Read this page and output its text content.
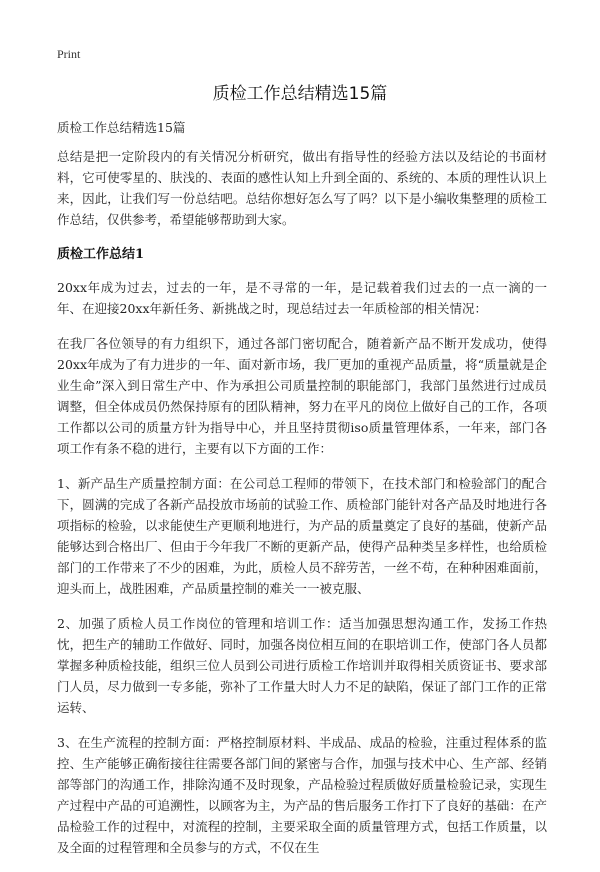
Print
质检工作总结精选15篇

质检工作总结精选15篇

总结是把一定阶段内的有关情况分析研究，做出有指导性的经验方法以及结论的书面材料，它可使零星的、肤浅的、表面的感性认知上升到全面的、系统的、本质的理性认识上来，因此，让我们写一份总结吧。总结你想好怎么写了吗？以下是小编收集整理的质检工作总结，仅供参考，希望能够帮助到大家。

质检工作总结1

20xx年成为过去，过去的一年，是不寻常的一年，是记载着我们过去的一点一滴的一年、在迎接20xx年新任务、新挑战之时，现总结过去一年质检部的相关情况：

在我厂各位领导的有力组织下，通过各部门密切配合，随着新产品不断开发成功，使得20xx年成为了有力进步的一年、面对新市场，我厂更加的重视产品质量，将“质量就是企业生命”深入到日常生产中、作为承担公司质量控制的职能部门，我部门虽然进行过成员调整，但全体成员仍然保持原有的团队精神，努力在平凡的岗位上做好自己的工作，各项工作都以公司的质量方针为指导中心，并且坚持贯彻iso质量管理体系，一年来，部门各项工作有条不稳的进行，主要有以下方面的工作：

1、新产品生产质量控制方面：在公司总工程师的带领下，在技术部门和检验部门的配合下，圆满的完成了各新产品投放市场前的试验工作、质检部门能针对各产品及时地进行各项指标的检验，以求能使生产更顺利地进行，为产品的质量奠定了良好的基础，使新产品能够达到合格出厂、但由于今年我厂不断的更新产品，使得产品种类呈多样性，也给质检部门的工作带来了不少的困难，为此，质检人员不辞劳苦，一丝不苟，在种种困难面前，迎头而上，战胜困难，产品质量控制的难关一一被克服、

2、加强了质检人员工作岗位的管理和培训工作：适当加强思想沟通工作，发扬工作热忱，把生产的辅助工作做好、同时，加强各岗位相互间的在职培训工作，使部门各人员都掌握多种质检技能，组织三位人员到公司进行质检工作培训并取得相关质资证书、要求部门人员，尽力做到一专多能，弥补了工作量大时人力不足的缺陷，保证了部门工作的正常运转、

3、在生产流程的控制方面：严格控制原材料、半成品、成品的检验，注重过程体系的监控、生产能够正确衔接往往需要各部门间的紧密与合作，加强与技术中心、生产部、经销部等部门的沟通工作，排除沟通不及时现象，产品检验过程质做好质量检验记录，实现生产过程中产品的可追溯性，以顾客为主，为产品的售后服务工作打下了良好的基础：在产品检验工作的过程中，对流程的控制，主要采取全面的质量管理方式，包括工作质量，以及全面的过程管理和全员参与的方式，不仅在生
